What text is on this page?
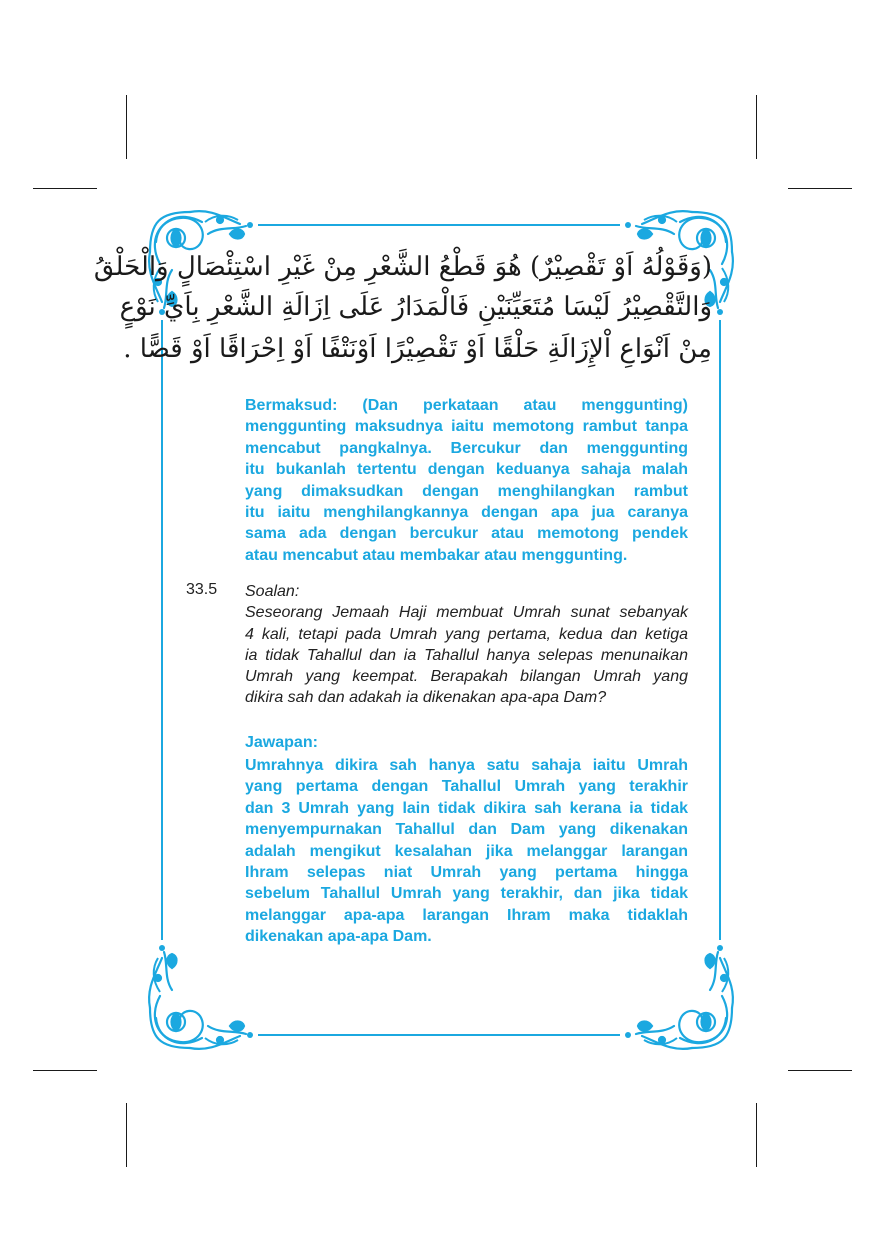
(وَقَوْلُهُ اَوْ تَقْصِيْرٌ) هُوَ قَطْعُ الشَّعْرِ مِنْ غَيْرِ اسْتِئْصَالٍ وَالْحَلْقُ
وَالتَّقْصِيْرُ لَيْسَا مُتَعَيِّنَيْنِ فَالْمَدَارُ عَلَى اِزَالَةِ الشَّعْرِ بِاَيِّ نَوْعٍ
مِنْ اَنْوَاعِ اْلإِزَالَةِ حَلْقًا اَوْ تَقْصِيْرًا اَوْنَتْفًا اَوْ اِحْرَاقًا اَوْ قَصًّا .
Bermaksud: (Dan perkataan atau menggunting)
menggunting maksudnya iaitu memotong rambut tanpa
mencabut pangkalnya. Bercukur dan menggunting
itu bukanlah tertentu dengan keduanya sahaja malah
yang dimaksudkan dengan menghilangkan rambut
itu iaitu menghilangkannya dengan apa jua caranya
sama ada dengan bercukur atau memotong pendek
atau mencabut atau membakar atau menggunting.
33.5 Soalan:
Seseorang Jemaah Haji membuat Umrah sunat sebanyak
4 kali, tetapi pada Umrah yang pertama, kedua dan ketiga
ia tidak Tahallul dan ia Tahallul hanya selepas menunaikan
Umrah yang keempat. Berapakah bilangan Umrah yang
dikira sah dan adakah ia dikenakan apa-apa Dam?
Jawapan:
Umrahnya dikira sah hanya satu sahaja iaitu Umrah
yang pertama dengan Tahallul Umrah yang terakhir
dan 3 Umrah yang lain tidak dikira sah kerana ia tidak
menyempurnakan Tahallul dan Dam yang dikenakan
adalah mengikut kesalahan jika melanggar larangan
Ihram selepas niat Umrah yang pertama hingga
sebelum Tahallul Umrah yang terakhir, dan jika tidak
melanggar apa-apa larangan Ihram maka tidaklah
dikenakan apa-apa Dam.
